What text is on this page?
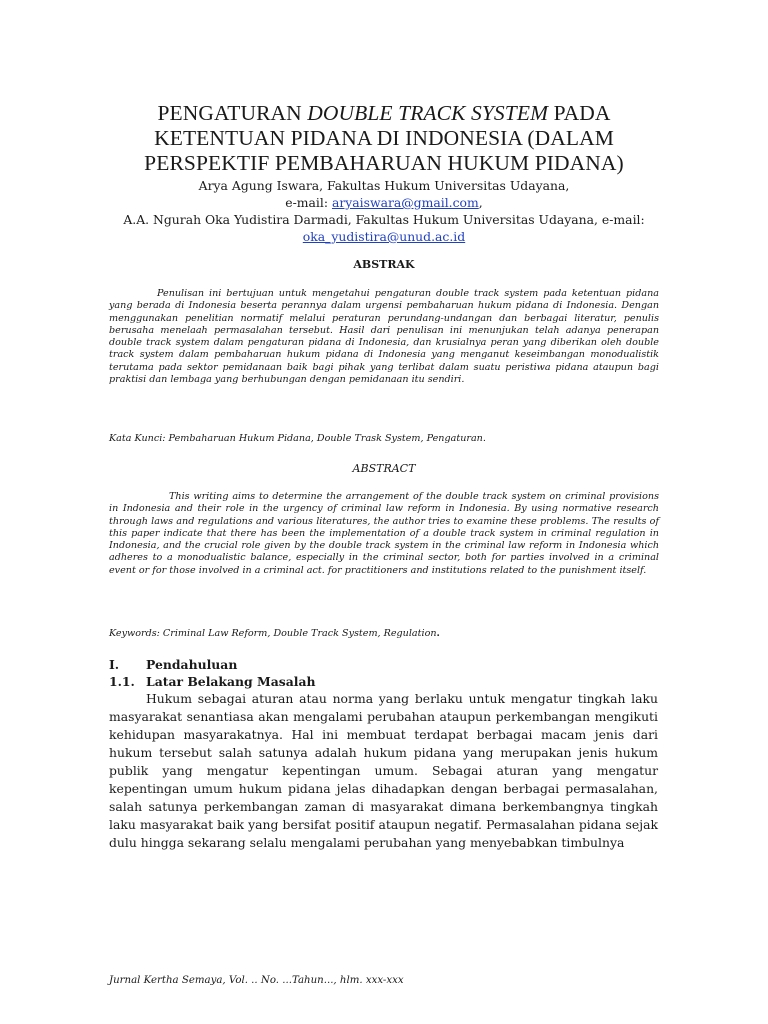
PENGATURAN DOUBLE TRACK SYSTEM PADA
KETENTUAN PIDANA DI INDONESIA (DALAM
PERSPEKTIF PEMBAHARUAN HUKUM PIDANA)
Arya Agung Iswara, Fakultas Hukum Universitas Udayana,
e-mail: aryaiswara@gmail.com,
A.A. Ngurah Oka Yudistira Darmadi, Fakultas Hukum Universitas Udayana, e-mail:
oka_yudistira@unud.ac.id
ABSTRAK
Penulisan ini bertujuan untuk mengetahui pengaturan double track system pada ketentuan pidana yang berada di Indonesia beserta perannya dalam urgensi pembaharuan hukum pidana di Indonesia. Dengan menggunakan penelitian normatif melalui peraturan perundang-undangan dan berbagai literatur, penulis berusaha menelaah permasalahan tersebut. Hasil dari penulisan ini menunjukan telah adanya penerapan double track system dalam pengaturan pidana di Indonesia, dan krusialnya peran yang diberikan oleh double track system dalam pembaharuan hukum pidana di Indonesia yang menganut keseimbangan monodualistik terutama pada sektor pemidanaan baik bagi pihak yang terlibat dalam suatu peristiwa pidana ataupun bagi praktisi dan lembaga yang berhubungan dengan pemidanaan itu sendiri.
Kata Kunci: Pembaharuan Hukum Pidana, Double Trask System, Pengaturan.
ABSTRACT
This writing aims to determine the arrangement of the double track system on criminal provisions in Indonesia and their role in the urgency of criminal law reform in Indonesia. By using normative research through laws and regulations and various literatures, the author tries to examine these problems. The results of this paper indicate that there has been the implementation of a double track system in criminal regulation in Indonesia, and the crucial role given by the double track system in the criminal law reform in Indonesia which adheres to a monodualistic balance, especially in the criminal sector, both for parties involved in a criminal event or for those involved in a criminal act. for practitioners and institutions related to the punishment itself.
Keywords: Criminal Law Reform, Double Track System, Regulation.
I. Pendahuluan
1.1. Latar Belakang Masalah
Hukum sebagai aturan atau norma yang berlaku untuk mengatur tingkah laku masyarakat senantiasa akan mengalami perubahan ataupun perkembangan mengikuti kehidupan masyarakatnya. Hal ini membuat terdapat berbagai macam jenis dari hukum tersebut salah satunya adalah hukum pidana yang merupakan jenis hukum publik yang mengatur kepentingan umum. Sebagai aturan yang mengatur kepentingan umum hukum pidana jelas dihadapkan dengan berbagai permasalahan, salah satunya perkembangan zaman di masyarakat dimana berkembangnya tingkah laku masyarakat baik yang bersifat positif ataupun negatif. Permasalahan pidana sejak dulu hingga sekarang selalu mengalami perubahan yang menyebabkan timbulnya
Jurnal Kertha Semaya, Vol. .. No. ...Tahun..., hlm. xxx-xxx
